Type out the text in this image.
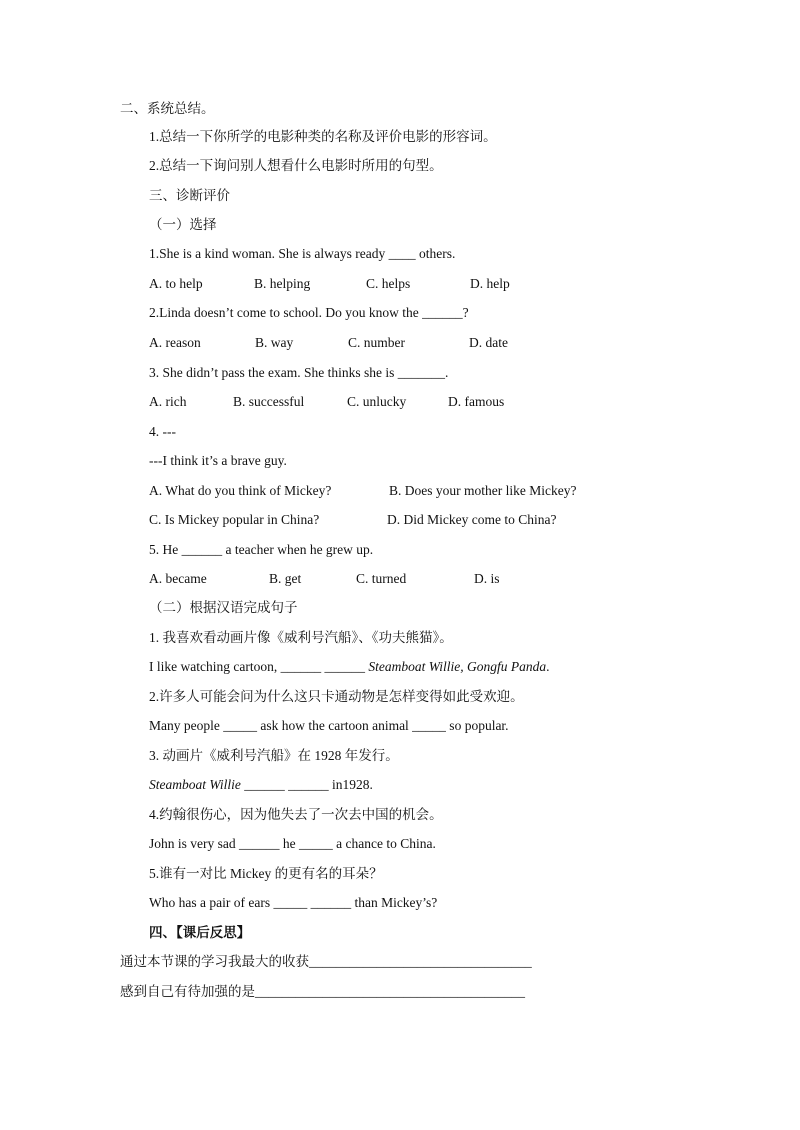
二、系统总结。
1.总结一下你所学的电影种类的名称及评价电影的形容词。
2.总结一下询问别人想看什么电影时所用的句型。
三、诊断评价
（一）选择
1.She is a kind woman. She is always ready ____ others.
A. to help	B. helping	C. helps	D. help
2.Linda doesn’t come to school. Do you know the ______?
A. reason	B. way	C. number	D. date
3. She didn’t pass the exam. She thinks she is _______.
A. rich	B. successful	C. unlucky	D. famous
4. ---
---I think it’s a brave guy.
A. What do you think of Mickey?	B. Does your mother like Mickey?
C. Is Mickey popular in China?	D. Did Mickey come to China?
5. He ______ a teacher when he grew up.
A. became	B. get	C. turned	D. is
（二）根据汉语完成句子
1. 我喜欢看动画片像《威利号汽船》、《功夫熊猫》。
I like watching cartoon, ______ ______ Steamboat Willie, Gongfu Panda.
2.许多人可能会问为什么这只卡通动物是怎样变得如此受欢迎。
Many people _____ ask how the cartoon animal _____ so popular.
3. 动画片《威利号汽船》在 1928 年发行。
Steamboat Willie ______ ______ in1928.
4.约翰很伤心，因为他失去了一次去中国的机会。
John is very sad ______ he _____ a chance to China.
5.谁有一对比 Mickey 的更有名的耳朵？
Who has a pair of ears _____ ______ than Mickey’s?
四、【课后反思】
通过本节课的学习我最大的收获_________________________________
感到自己有待加强的是________________________________________
